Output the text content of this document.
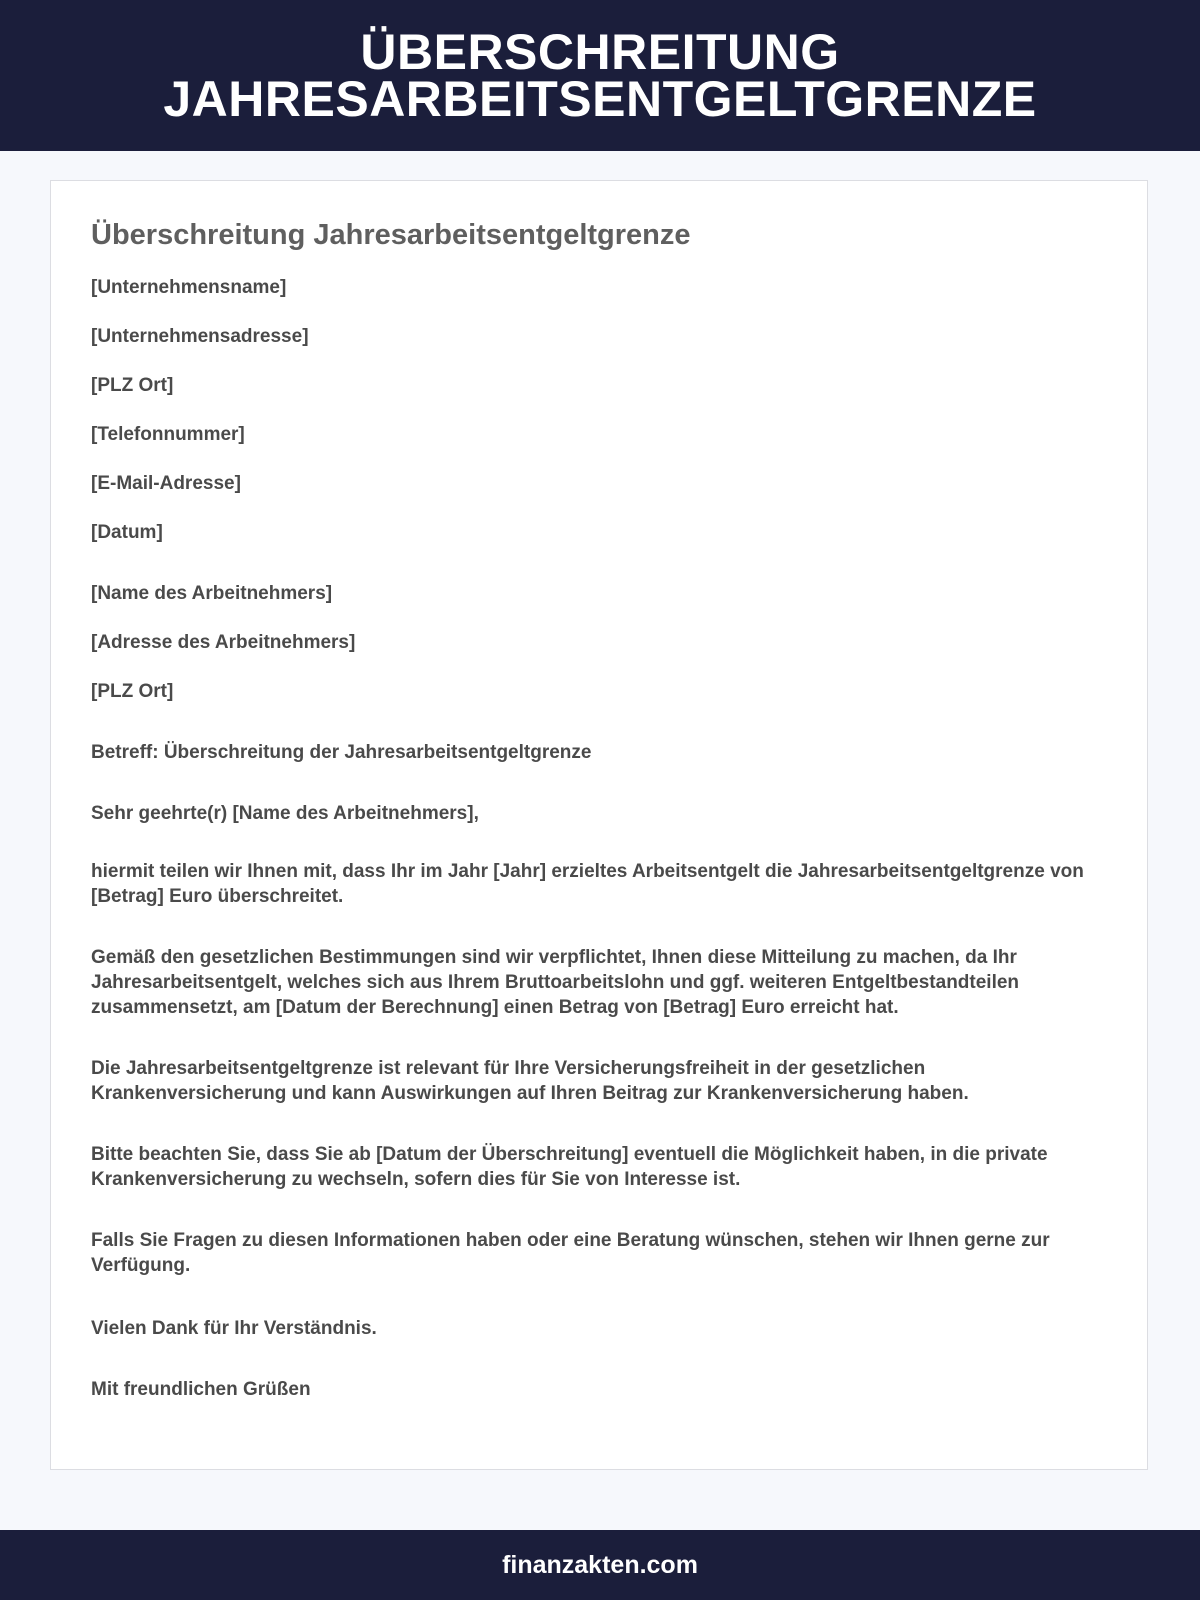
ÜBERSCHREITUNG JAHRESARBEITSENTGELTGRENZE
Überschreitung Jahresarbeitsentgeltgrenze

[Unternehmensname]

[Unternehmensadresse]

[PLZ Ort]

[Telefonnummer]

[E-Mail-Adresse]

[Datum]

[Name des Arbeitnehmers]

[Adresse des Arbeitnehmers]

[PLZ Ort]

Betreff: Überschreitung der Jahresarbeitsentgeltgrenze

Sehr geehrte(r) [Name des Arbeitnehmers],

hiermit teilen wir Ihnen mit, dass Ihr im Jahr [Jahr] erzieltes Arbeitsentgelt die Jahresarbeitsentgeltgrenze von [Betrag] Euro überschreitet.

Gemäß den gesetzlichen Bestimmungen sind wir verpflichtet, Ihnen diese Mitteilung zu machen, da Ihr Jahresarbeitsentgelt, welches sich aus Ihrem Bruttoarbeitslohn und ggf. weiteren Entgeltbestandteilen zusammensetzt, am [Datum der Berechnung] einen Betrag von [Betrag] Euro erreicht hat.

Die Jahresarbeitsentgeltgrenze ist relevant für Ihre Versicherungsfreiheit in der gesetzlichen Krankenversicherung und kann Auswirkungen auf Ihren Beitrag zur Krankenversicherung haben.

Bitte beachten Sie, dass Sie ab [Datum der Überschreitung] eventuell die Möglichkeit haben, in die private Krankenversicherung zu wechseln, sofern dies für Sie von Interesse ist.

Falls Sie Fragen zu diesen Informationen haben oder eine Beratung wünschen, stehen wir Ihnen gerne zur Verfügung.

Vielen Dank für Ihr Verständnis.

Mit freundlichen Grüßen

finanzakten.com
